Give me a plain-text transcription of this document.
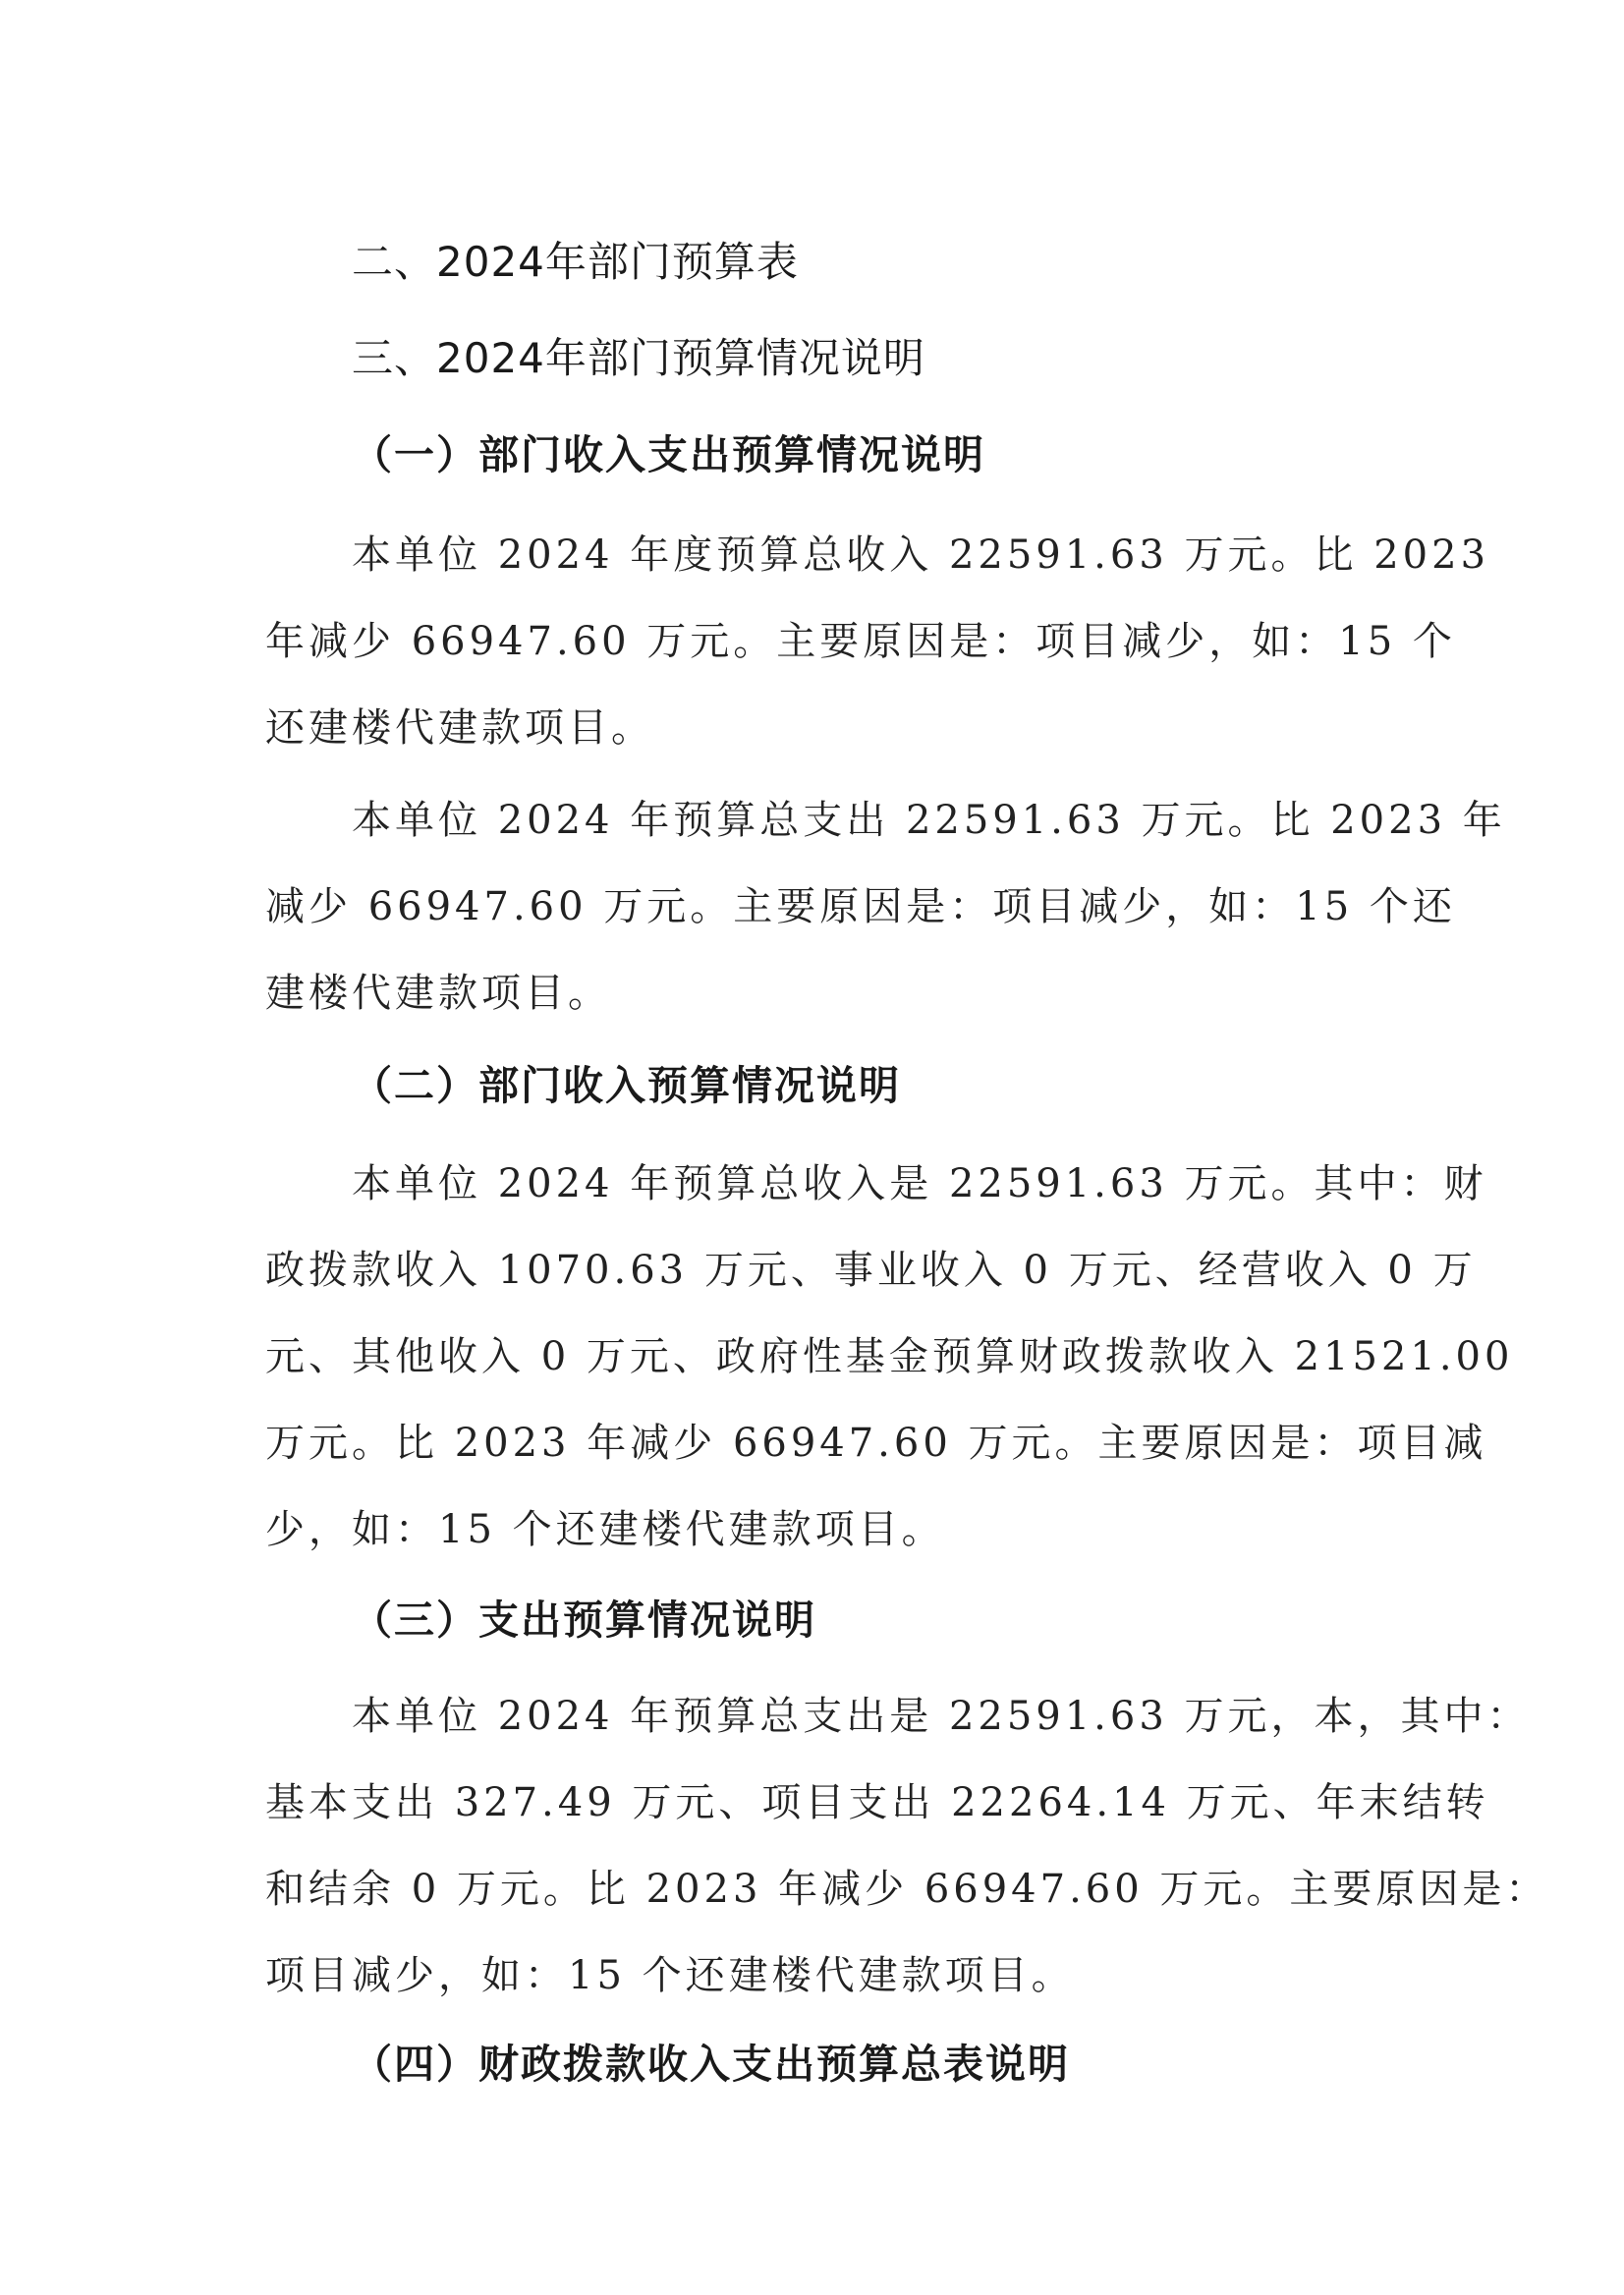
二、2024年部门预算表
三、2024年部门预算情况说明
（一）部门收入支出预算情况说明
本单位 2024 年度预算总收入 22591.63 万元。比 2023
年减少 66947.60 万元。主要原因是：项目减少，如：15 个
还建楼代建款项目。
本单位 2024 年预算总支出 22591.63 万元。比 2023 年
减少 66947.60 万元。主要原因是：项目减少，如：15 个还
建楼代建款项目。
（二）部门收入预算情况说明
本单位 2024 年预算总收入是 22591.63 万元。其中：财
政拨款收入 1070.63 万元、事业收入 0 万元、经营收入 0 万
元、其他收入 0 万元、政府性基金预算财政拨款收入 21521.00
万元。比 2023 年减少 66947.60 万元。主要原因是：项目减
少，如：15 个还建楼代建款项目。
（三）支出预算情况说明
本单位 2024 年预算总支出是 22591.63 万元，本，其中：
基本支出 327.49 万元、项目支出 22264.14 万元、年末结转
和结余 0 万元。比 2023 年减少 66947.60 万元。主要原因是：
项目减少，如：15 个还建楼代建款项目。
（四）财政拨款收入支出预算总表说明
